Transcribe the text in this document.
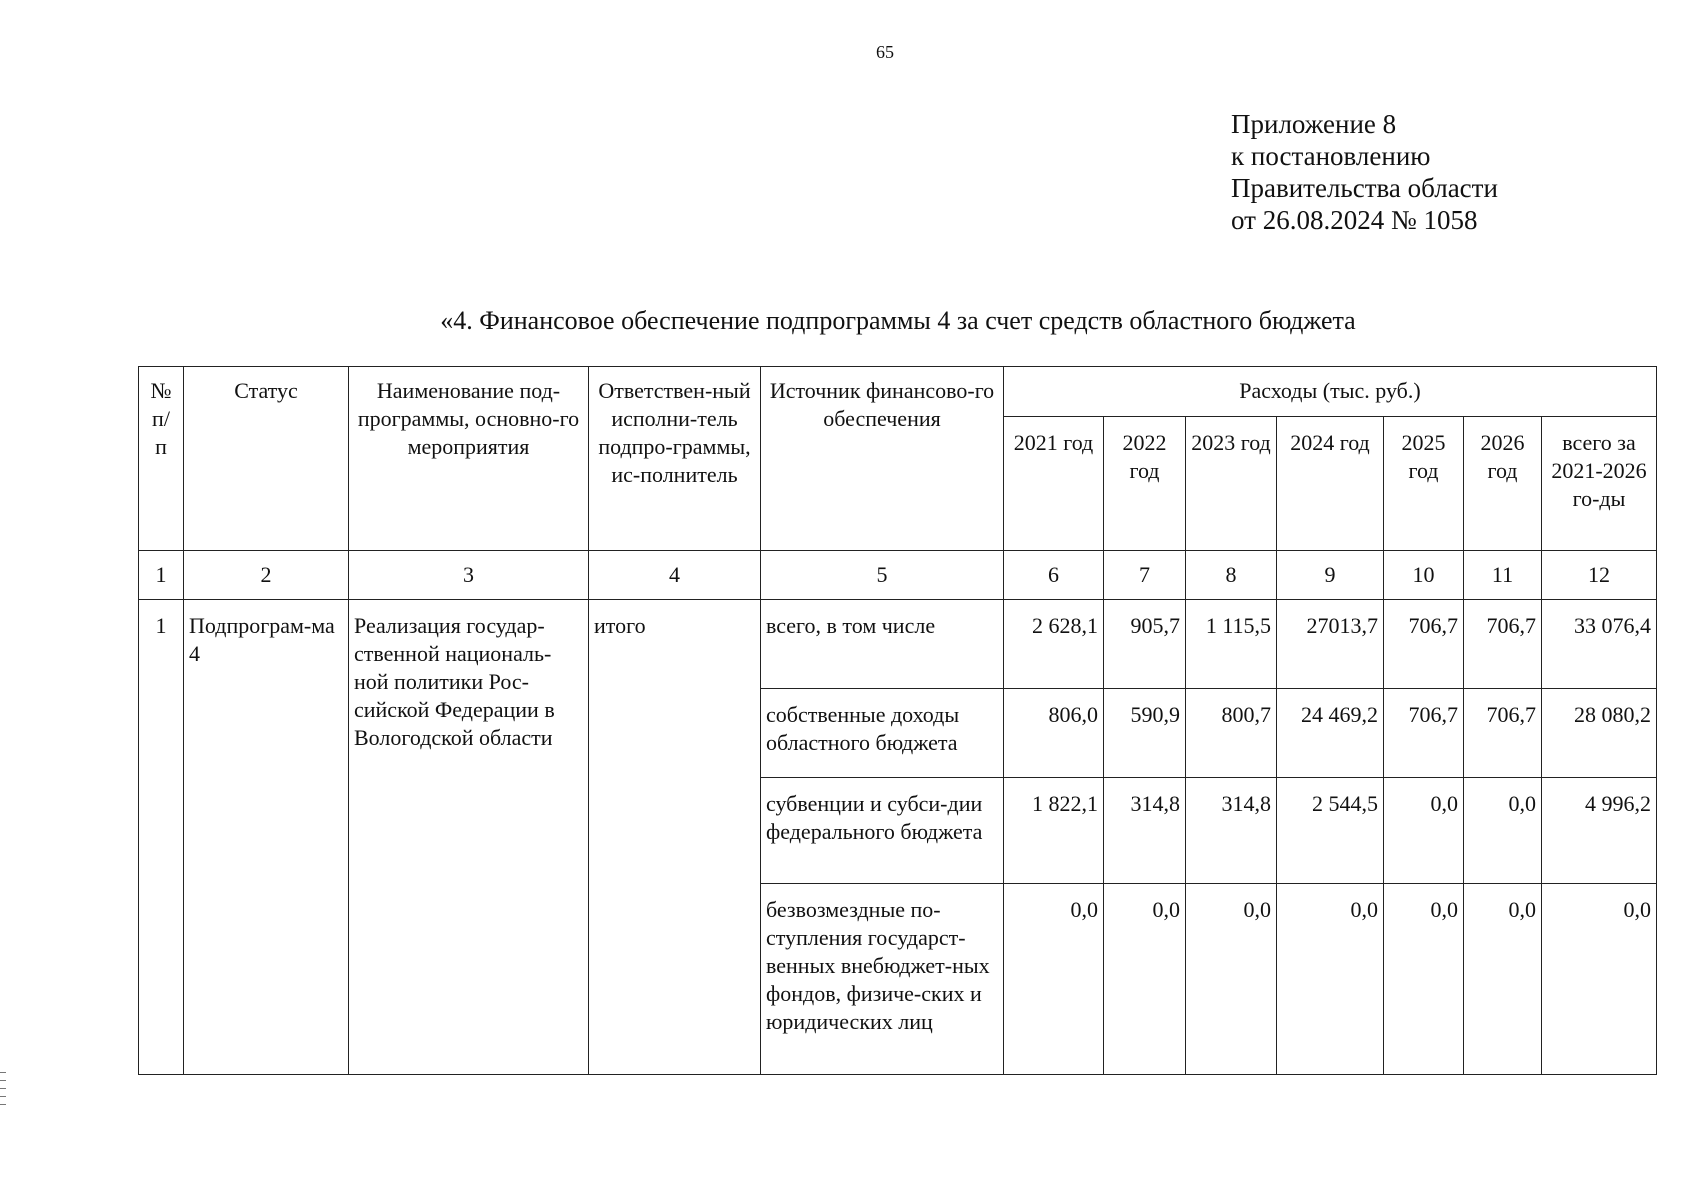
65
Приложение 8
к постановлению
Правительства области
от 26.08.2024 № 1058
«4. Финансовое обеспечение подпрограммы 4 за счет средств областного бюджета
№ п/ п	Статус	Наименование под-программы, основно-го мероприятия	Ответствен-ный исполни-тель подпро-граммы, ис-полнитель	Источник финансово-го обеспечения	Расходы (тыс. руб.)						
					2021 год	2022 год	2023 год	2024 год	2025 год	2026 год	всего за 2021-2026 го-ды
1	2	3	4	5	6	7	8	9	10	11	12
1	Подпрограм-ма 4	Реализация государ-ственной националь-ной политики Рос-сийской Федерации в Вологодской области	итого	всего, в том числе	2 628,1	905,7	1 115,5	27013,7	706,7	706,7	33 076,4
				собственные доходы областного бюджета	806,0	590,9	800,7	24 469,2	706,7	706,7	28 080,2
				субвенции и субси-дии федерального бюджета	1 822,1	314,8	314,8	2 544,5	0,0	0,0	4 996,2
				безвозмездные по-ступления государст-венных внебюджет-ных фондов, физиче-ских и юридических лиц	0,0	0,0	0,0	0,0	0,0	0,0	0,0
